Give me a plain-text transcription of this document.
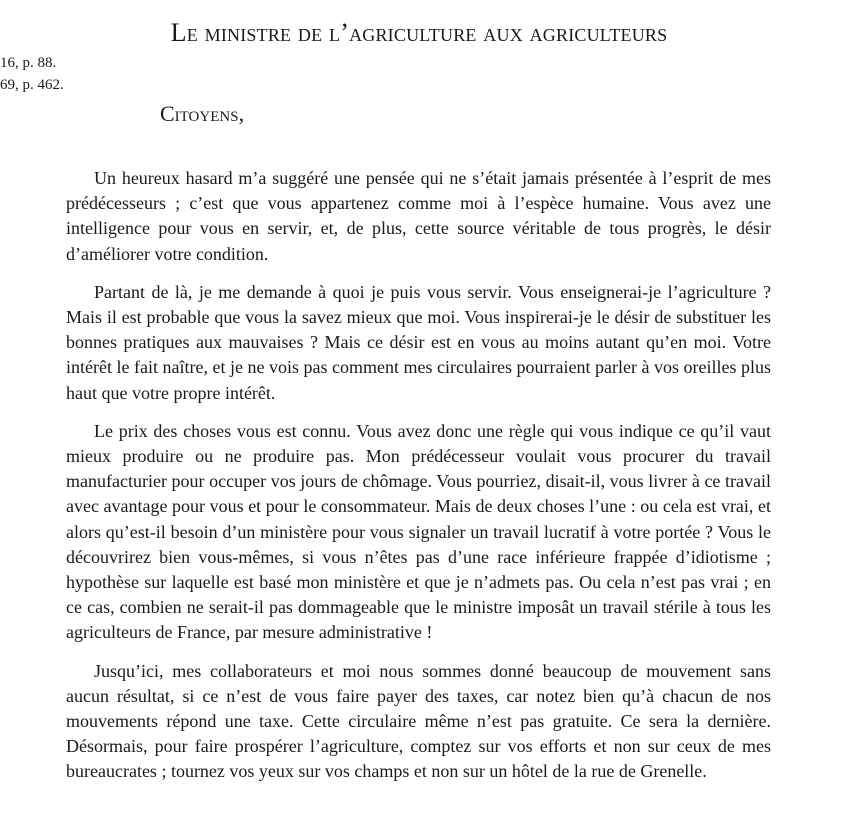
Le ministre de l’agriculture aux agriculteurs
16, p. 88.
69, p. 462.
Citoyens,

Un heureux hasard m’a suggéré une pensée qui ne s’était jamais présentée à l’esprit de mes prédécesseurs ; c’est que vous appartenez comme moi à l’espèce humaine. Vous avez une intelligence pour vous en servir, et, de plus, cette source véritable de tous progrès, le désir d’améliorer votre condition.

Partant de là, je me demande à quoi je puis vous servir. Vous enseignerai-je l’agriculture ? Mais il est probable que vous la savez mieux que moi. Vous inspirerai-je le désir de substituer les bonnes pratiques aux mauvaises ? Mais ce désir est en vous au moins autant qu’en moi. Votre intérêt le fait naître, et je ne vois pas comment mes circulaires pourraient parler à vos oreilles plus haut que votre propre intérêt.

Le prix des choses vous est connu. Vous avez donc une règle qui vous indique ce qu’il vaut mieux produire ou ne produire pas. Mon prédécesseur voulait vous procurer du travail manufacturier pour occuper vos jours de chômage. Vous pourriez, disait-il, vous livrer à ce travail avec avantage pour vous et pour le consommateur. Mais de deux choses l’une : ou cela est vrai, et alors qu’est-il besoin d’un ministère pour vous signaler un travail lucratif à votre portée ? Vous le découvrirez bien vous-mêmes, si vous n’êtes pas d’une race inférieure frappée d’idiotisme ; hypothèse sur laquelle est basé mon ministère et que je n’admets pas. Ou cela n’est pas vrai ; en ce cas, combien ne serait-il pas dommageable que le ministre imposât un travail stérile à tous les agriculteurs de France, par mesure administrative !

Jusqu’ici, mes collaborateurs et moi nous sommes donné beaucoup de mouvement sans aucun résultat, si ce n’est de vous faire payer des taxes, car notez bien qu’à chacun de nos mouvements répond une taxe. Cette circulaire même n’est pas gratuite. Ce sera la dernière. Désormais, pour faire prospérer l’agriculture, comptez sur vos efforts et non sur ceux de mes bureaucrates ; tournez vos yeux sur vos champs et non sur un hôtel de la rue de Grenelle.
